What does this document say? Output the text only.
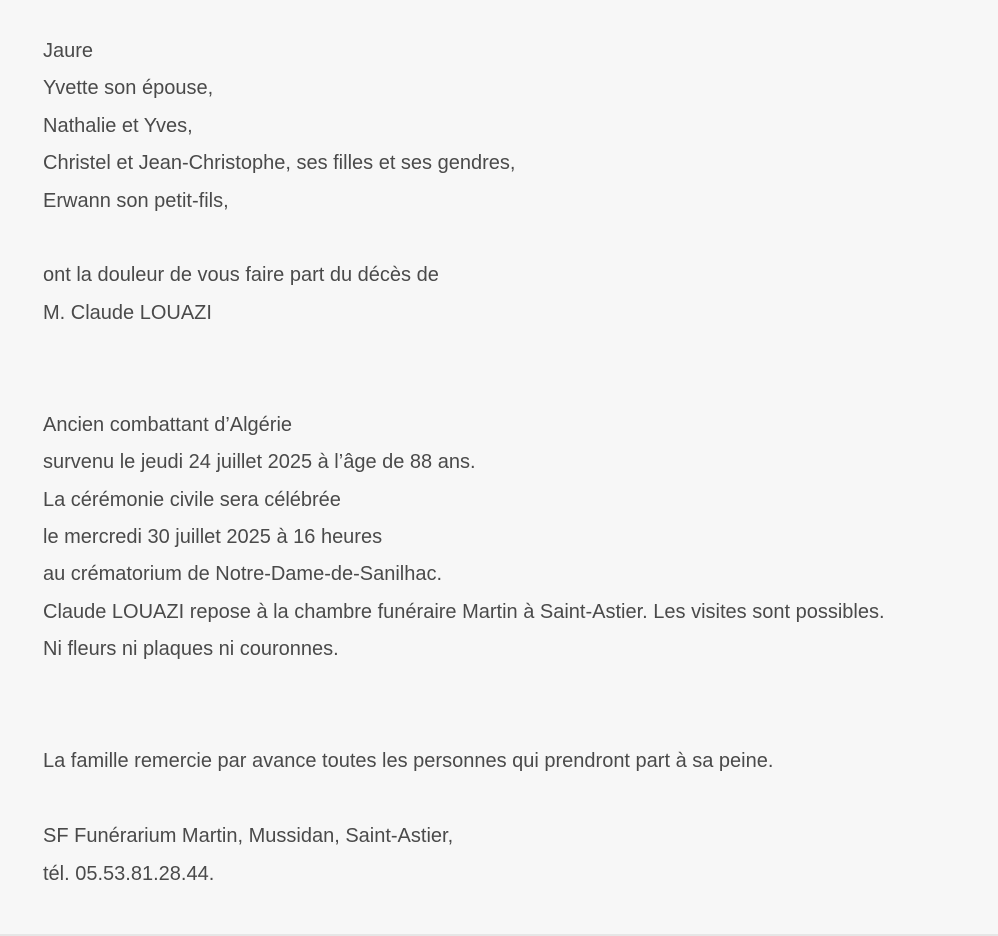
Jaure
Yvette son épouse,
Nathalie et Yves,
Christel et Jean-Christophe, ses filles et ses gendres,
Erwann son petit-fils,
ont la douleur de vous faire part du décès de
M. Claude LOUAZI
Ancien combattant d’Algérie
survenu le jeudi 24 juillet 2025 à l’âge de 88 ans.
La cérémonie civile sera célébrée
le mercredi 30 juillet 2025 à 16 heures
au crématorium de Notre-Dame-de-Sanilhac.
Claude LOUAZI repose à la chambre funéraire Martin à Saint-Astier. Les visites sont possibles.
Ni fleurs ni plaques ni couronnes.
La famille remercie par avance toutes les personnes qui prendront part à sa peine.
SF Funérarium Martin, Mussidan, Saint-Astier,
tél. 05.53.81.28.44.
